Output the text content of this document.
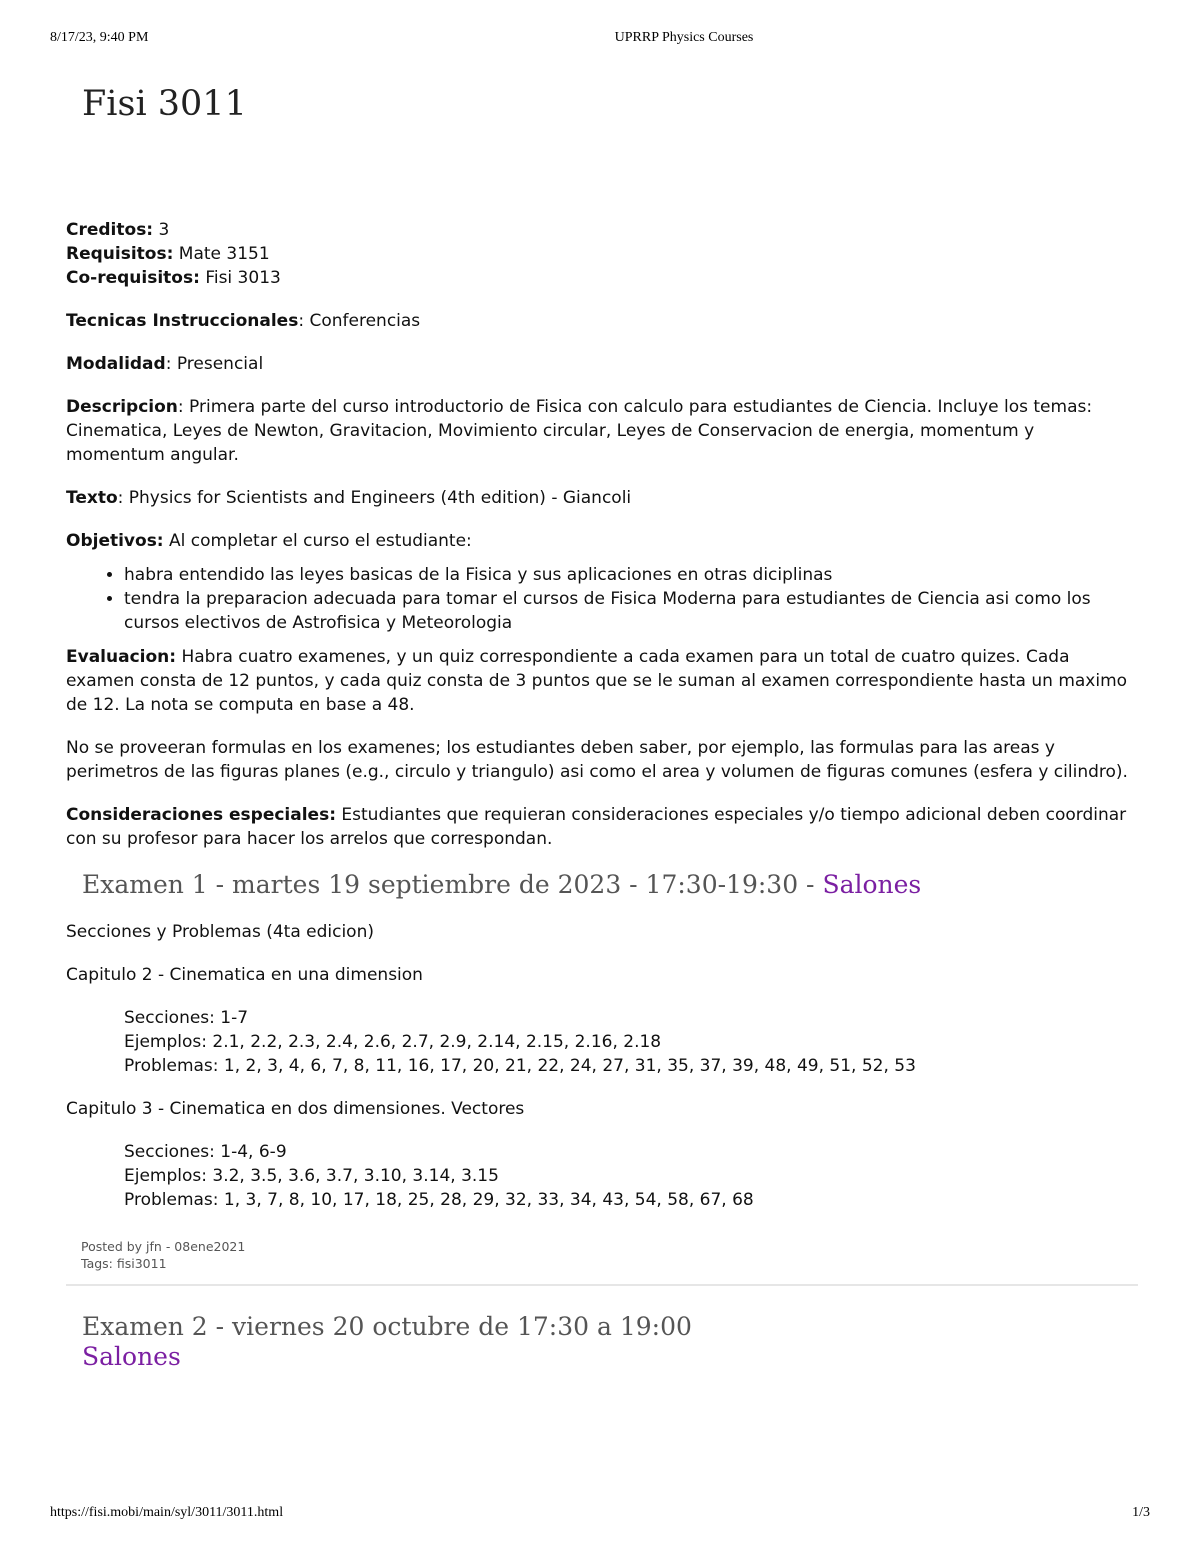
8/17/23, 9:40 PM	UPRRP Physics Courses
Fisi 3011

Creditos: 3
Requisitos: Mate 3151
Co-requisitos: Fisi 3013

Tecnicas Instruccionales: Conferencias

Modalidad: Presencial

Descripcion: Primera parte del curso introductorio de Fisica con calculo para estudiantes de Ciencia. Incluye los temas: Cinematica, Leyes de Newton, Gravitacion, Movimiento circular, Leyes de Conservacion de energia, momentum y momentum angular.

Texto: Physics for Scientists and Engineers (4th edition) - Giancoli

Objetivos: Al completar el curso el estudiante:

• habra entendido las leyes basicas de la Fisica y sus aplicaciones en otras diciplinas
• tendra la preparacion adecuada para tomar el cursos de Fisica Moderna para estudiantes de Ciencia asi como los cursos electivos de Astrofisica y Meteorologia

Evaluacion: Habra cuatro examenes, y un quiz correspondiente a cada examen para un total de cuatro quizes. Cada examen consta de 12 puntos, y cada quiz consta de 3 puntos que se le suman al examen correspondiente hasta un maximo de 12. La nota se computa en base a 48.

No se proveeran formulas en los examenes; los estudiantes deben saber, por ejemplo, las formulas para las areas y perimetros de las figuras planes (e.g., circulo y triangulo) asi como el area y volumen de figuras comunes (esfera y cilindro).

Consideraciones especiales: Estudiantes que requieran consideraciones especiales y/o tiempo adicional deben coordinar con su profesor para hacer los arrelos que correspondan.

Examen 1 - martes 19 septiembre de 2023 - 17:30-19:30 - Salones

Secciones y Problemas (4ta edicion)

Capitulo 2 - Cinematica en una dimension

Secciones: 1-7
Ejemplos: 2.1, 2.2, 2.3, 2.4, 2.6, 2.7, 2.9, 2.14, 2.15, 2.16, 2.18
Problemas: 1, 2, 3, 4, 6, 7, 8, 11, 16, 17, 20, 21, 22, 24, 27, 31, 35, 37, 39, 48, 49, 51, 52, 53

Capitulo 3 - Cinematica en dos dimensiones. Vectores

Secciones: 1-4, 6-9
Ejemplos: 3.2, 3.5, 3.6, 3.7, 3.10, 3.14, 3.15
Problemas: 1, 3, 7, 8, 10, 17, 18, 25, 28, 29, 32, 33, 34, 43, 54, 58, 67, 68

Posted by jfn - 08ene2021
Tags: fisi3011
Examen 2 - viernes 20 octubre de 17:30 a 19:00
Salones
https://fisi.mobi/main/syl/3011/3011.html	1/3
